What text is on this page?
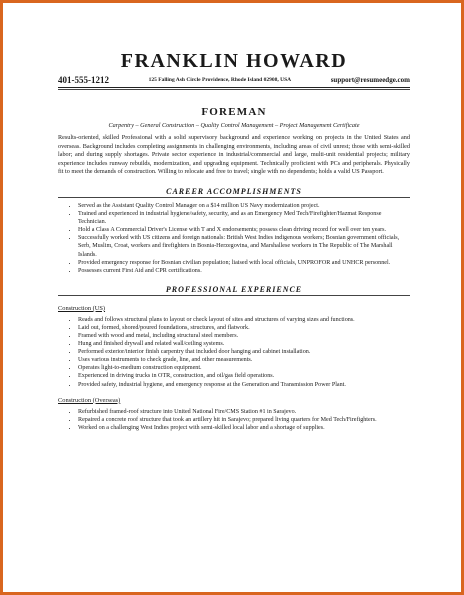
FRANKLIN HOWARD
401-555-1212	125 Falling Ash Circle Providence, Rhode Island 02908, USA	support@resumeedge.com
FOREMAN
Carpentry – General Construction – Quality Control Management – Project Management Certificate
Results-oriented, skilled Professional with a solid supervisory background and experience working on projects in the United States and overseas. Background includes completing assignments in challenging environments, including areas of civil unrest; those with semi-skilled labor; and during supply shortages. Private sector experience in industrial/commercial and large, multi-unit residential projects; military experience includes runway rebuilds, modernization, and upgrading equipment. Technically proficient with PCs and peripherals. Physically fit to meet the demands of construction. Willing to relocate and free to travel; single with no dependents; holds a valid US Passport.
CAREER ACCOMPLISHMENTS
• Served as the Assistant Quality Control Manager on a $14 million US Navy modernization project.
• Trained and experienced in industrial hygiene/safety, security, and as an Emergency Med Tech/Firefighter/Hazmat Response Technician.
• Hold a Class A Commercial Driver's License with T and X endorsements; possess clean driving record for well over ten years.
• Successfully worked with US citizens and foreign nationals: British West Indies indigenous workers; Bosnian government officials, Serb, Muslim, Croat, workers and firefighters in Bosnia-Herzegovina, and Marshallese workers in The Republic of The Marshall Islands.
• Provided emergency response for Bosnian civilian population; liaised with local officials, UNPROFOR and UNHCR personnel.
• Possesses current First Aid and CPR certifications.
PROFESSIONAL EXPERIENCE
Construction (US)
• Reads and follows structural plans to layout or check layout of sites and structures of varying sizes and functions.
• Laid out, formed, shored/poured foundations, structures, and flatwork.
• Framed with wood and metal, including structural steel members.
• Hung and finished drywall and related wall/ceiling systems.
• Performed exterior/interior finish carpentry that included door hanging and cabinet installation.
• Uses various instruments to check grade, line, and other measurements.
• Operates light-to-medium construction equipment.
• Experienced in driving trucks in OTR, construction, and oil/gas field operations.
• Provided safety, industrial hygiene, and emergency response at the Generation and Transmission Power Plant.
Construction (Overseas)
• Refurbished framed-roof structure into United National Fire/CMS Station #1 in Sarajevo.
• Repaired a concrete roof structure that took an artillery hit in Sarajevo; prepared living quarters for Med Tech/Firefighters.
• Worked on a challenging West Indies project with semi-skilled local labor and a shortage of supplies.
